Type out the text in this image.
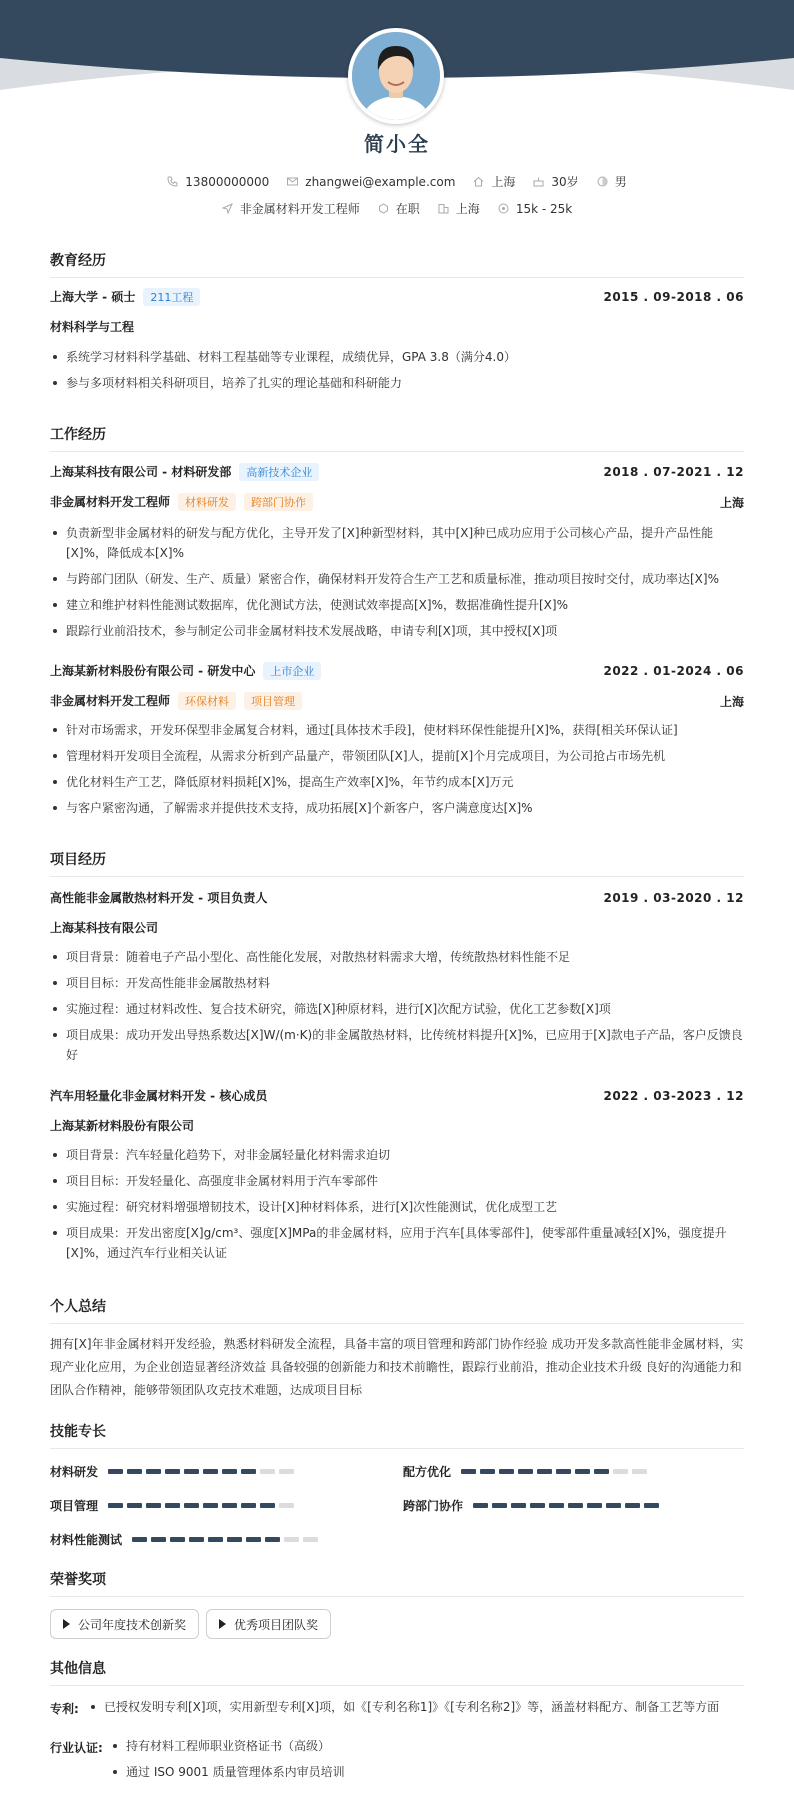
简小全
13800000000	zhangwei@example.com	上海	30岁	男
非金属材料开发工程师	在职	上海	15k - 25k
教育经历
上海大学 - 硕士 211工程	2015 . 09-2018 . 06
材料科学与工程
系统学习材料科学基础、材料工程基础等专业课程，成绩优异，GPA 3.8（满分4.0）
参与多项材料相关科研项目，培养了扎实的理论基础和科研能力
工作经历
上海某科技有限公司 - 材料研发部 高新技术企业	2018 . 07-2021 . 12
非金属材料开发工程师 材料研发 跨部门协作	上海
负责新型非金属材料的研发与配方优化，主导开发了[X]种新型材料，其中[X]种已成功应用于公司核心产品，提升产品性能[X]%，降低成本[X]%
与跨部门团队（研发、生产、质量）紧密合作，确保材料开发符合生产工艺和质量标准，推动项目按时交付，成功率达[X]%
建立和维护材料性能测试数据库，优化测试方法，使测试效率提高[X]%，数据准确性提升[X]%
跟踪行业前沿技术，参与制定公司非金属材料技术发展战略，申请专利[X]项，其中授权[X]项
上海某新材料股份有限公司 - 研发中心 上市企业	2022 . 01-2024 . 06
非金属材料开发工程师 环保材料 项目管理	上海
针对市场需求，开发环保型非金属复合材料，通过[具体技术手段]，使材料环保性能提升[X]%，获得[相关环保认证]
管理材料开发项目全流程，从需求分析到产品量产，带领团队[X]人，提前[X]个月完成项目，为公司抢占市场先机
优化材料生产工艺，降低原材料损耗[X]%，提高生产效率[X]%，年节约成本[X]万元
与客户紧密沟通，了解需求并提供技术支持，成功拓展[X]个新客户，客户满意度达[X]%
项目经历
高性能非金属散热材料开发 - 项目负责人	2019 . 03-2020 . 12
上海某科技有限公司
项目背景：随着电子产品小型化、高性能化发展，对散热材料需求大增，传统散热材料性能不足
项目目标：开发高性能非金属散热材料
实施过程：通过材料改性、复合技术研究，筛选[X]种原材料，进行[X]次配方试验，优化工艺参数[X]项
项目成果：成功开发出导热系数达[X]W/(m·K)的非金属散热材料，比传统材料提升[X]%，已应用于[X]款电子产品，客户反馈良好
汽车用轻量化非金属材料开发 - 核心成员	2022 . 03-2023 . 12
上海某新材料股份有限公司
项目背景：汽车轻量化趋势下，对非金属轻量化材料需求迫切
项目目标：开发轻量化、高强度非金属材料用于汽车零部件
实施过程：研究材料增强增韧技术，设计[X]种材料体系，进行[X]次性能测试，优化成型工艺
项目成果：开发出密度[X]g/cm³、强度[X]MPa的非金属材料，应用于汽车[具体零部件]，使零部件重量减轻[X]%，强度提升[X]%，通过汽车行业相关认证
个人总结
拥有[X]年非金属材料开发经验，熟悉材料研发全流程，具备丰富的项目管理和跨部门协作经验 成功开发多款高性能非金属材料，实现产业化应用，为企业创造显著经济效益 具备较强的创新能力和技术前瞻性，跟踪行业前沿，推动企业技术升级 良好的沟通能力和团队合作精神，能够带领团队攻克技术难题，达成项目目标
技能专长
材料研发	配方优化
项目管理	跨部门协作
材料性能测试
荣誉奖项
公司年度技术创新奖	优秀项目团队奖
其他信息
专利:	已授权发明专利[X]项，实用新型专利[X]项，如《[专利名称1]》《[专利名称2]》等，涵盖材料配方、制备工艺等方面
行业认证:	持有材料工程师职业资格证书（高级）
通过 ISO 9001 质量管理体系内审员培训
